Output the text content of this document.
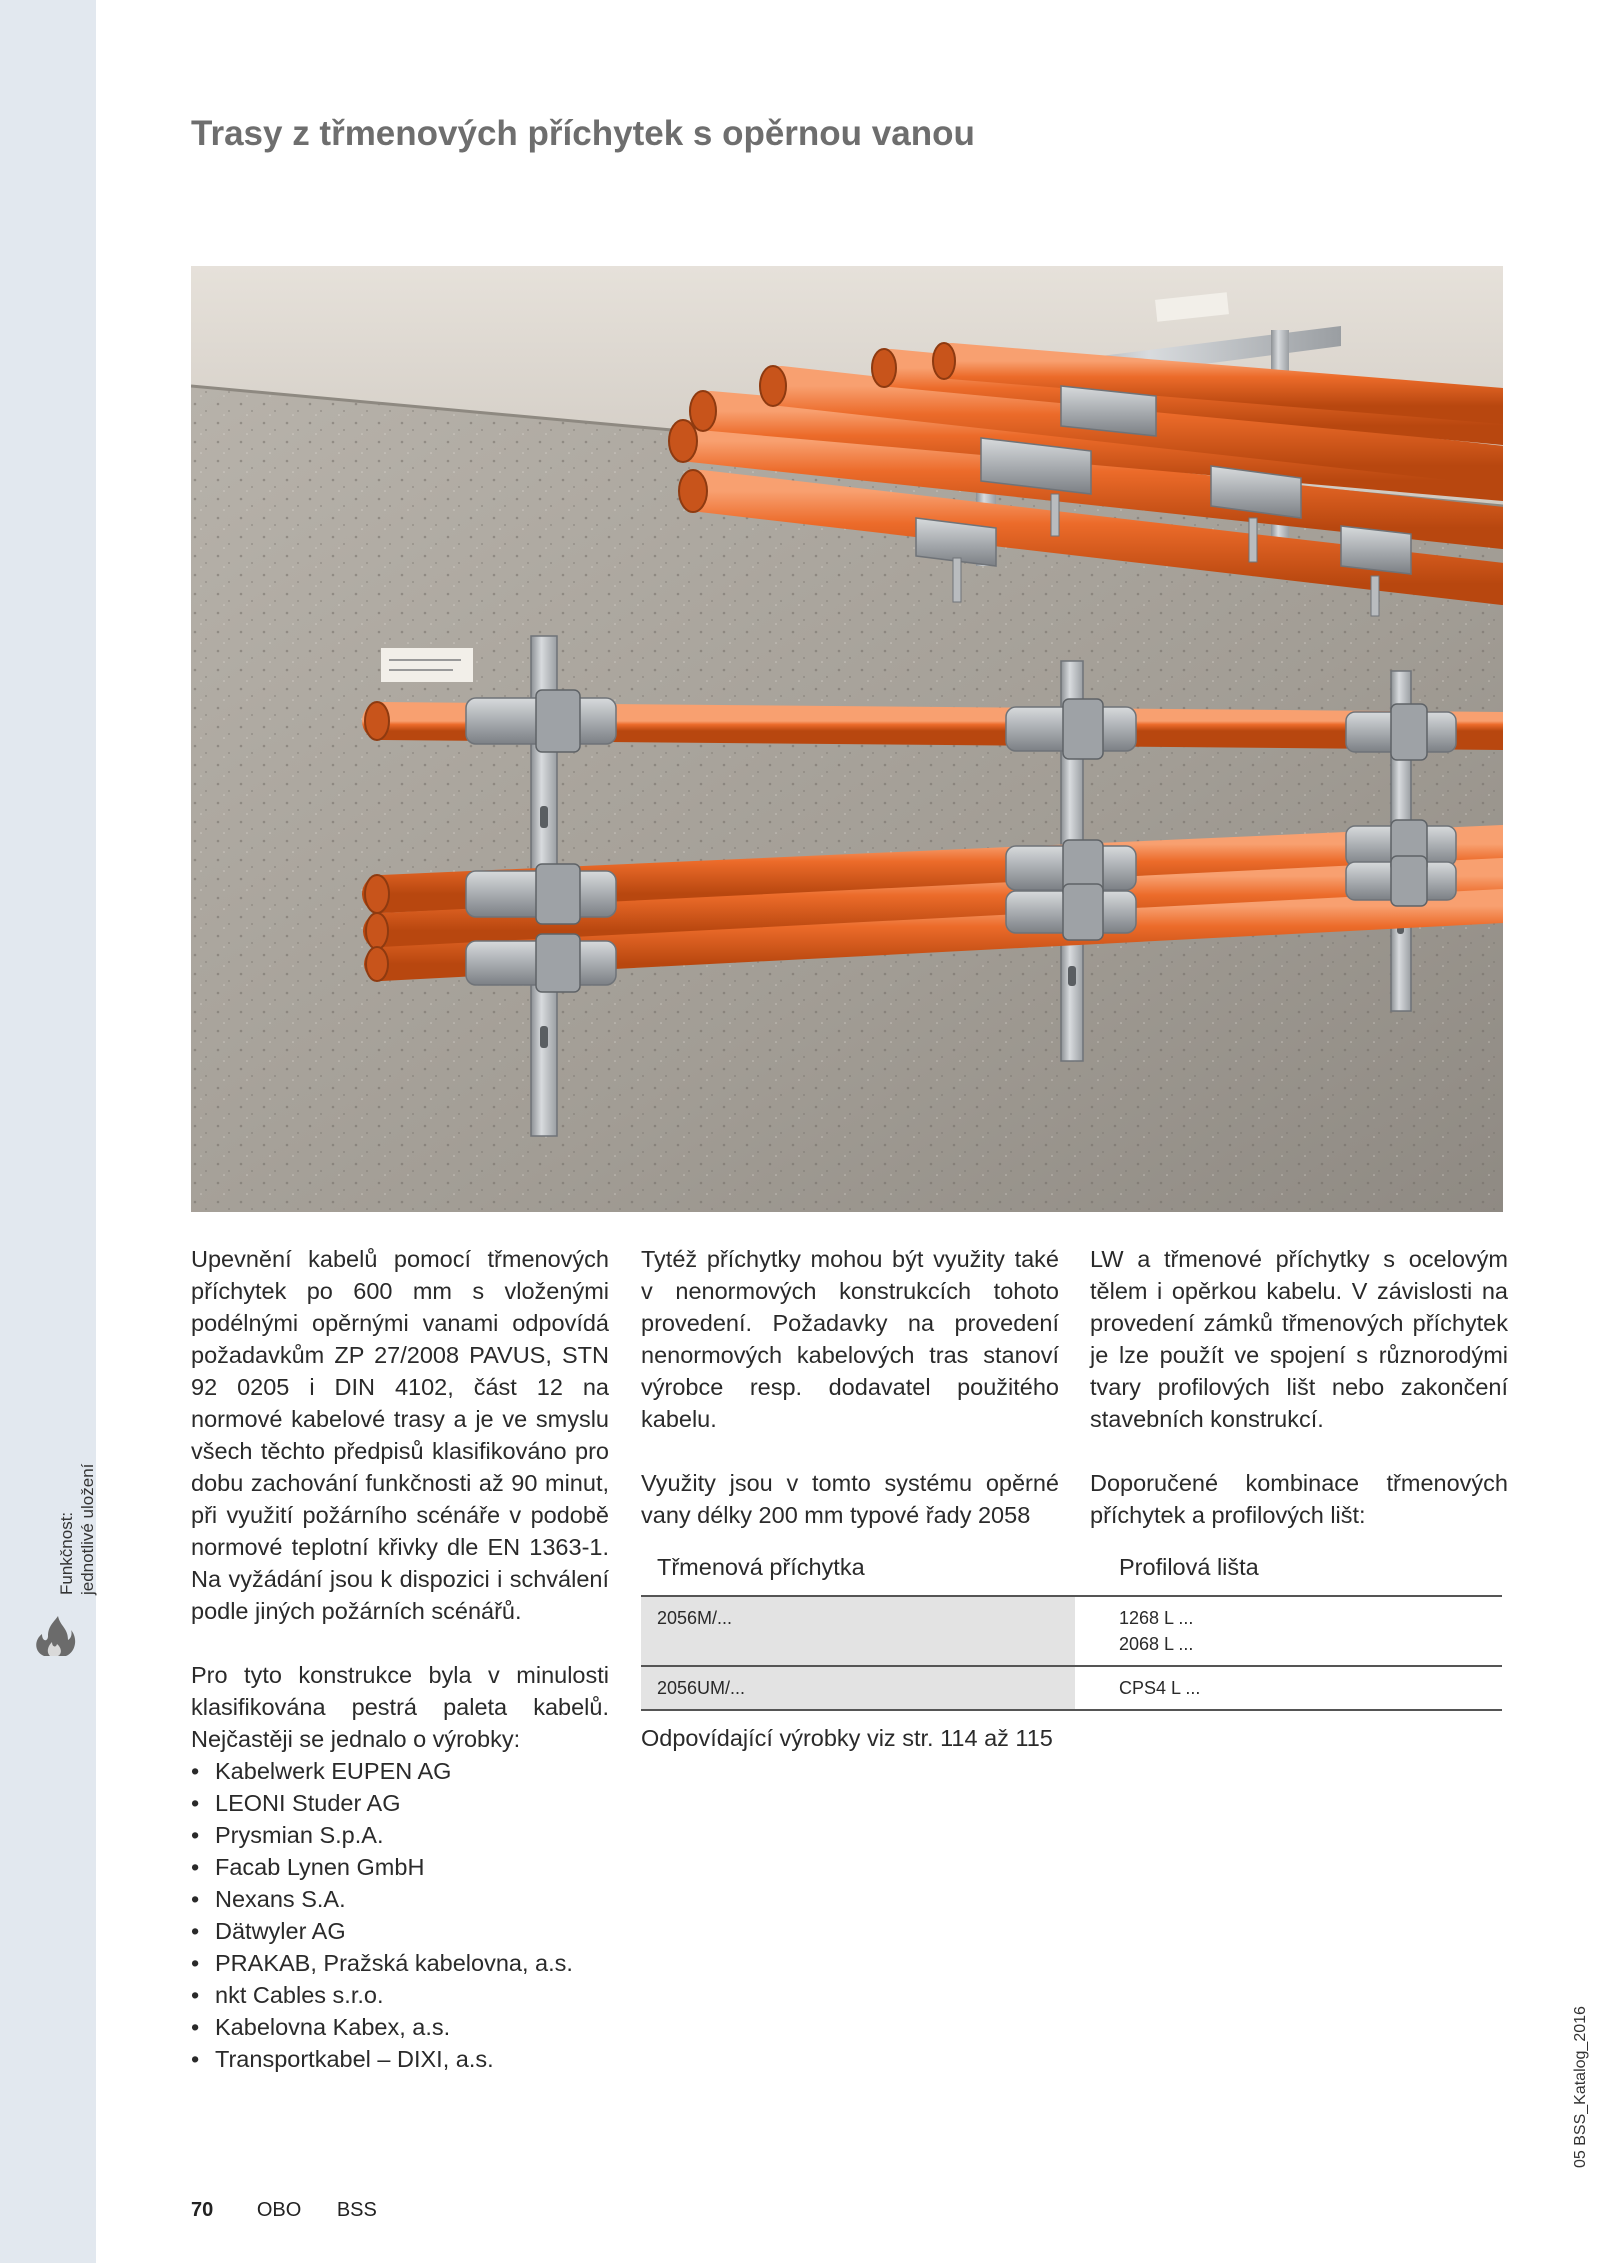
Funkčnost: jednotlivé uložení
Trasy z třmenových příchytek s opěrnou vanou

Upevnění kabelů pomocí třmenových příchytek po 600 mm s vloženými podélnými opěrnými vanami odpovídá požadavkům ZP 27/2008 PAVUS, STN 92 0205 i DIN 4102, část 12 na normové kabelové trasy a je ve smyslu všech těchto předpisů klasifikováno pro dobu zachování funkčnosti až 90 minut, při využití požárního scénáře v podobě normové teplotní křivky dle EN 1363-1. Na vyžádání jsou k dispozici i schválení podle jiných požárních scénářů.

Pro tyto konstrukce byla v minulosti klasifikována pestrá paleta kabelů. Nejčastěji se jednalo o výrobky:

• Kabelwerk EUPEN AG
• LEONI Studer AG
• Prysmian S.p.A.
• Facab Lynen GmbH
• Nexans S.A.
• Dätwyler AG
• PRAKAB, Pražská kabelovna, a.s.
• nkt Cables s.r.o.
• Kabelovna Kabex, a.s.
• Transportkabel – DIXI, a.s.

Tytéž příchytky mohou být využity také v nenormových konstrukcích tohoto provedení. Požadavky na provedení nenormových kabelových tras stanoví výrobce resp. dodavatel použitého kabelu.

Využity jsou v tomto systému opěrné vany délky 200 mm typové řady 2058

LW a třmenové příchytky s ocelovým tělem i opěrkou kabelu. V závislosti na provedení zámků třmenových příchytek je lze použít ve spojení s různorodými tvary profilových lišt nebo zakončení stavebních konstrukcí.

Doporučené kombinace třmenových příchytek a profilových lišt:

Třmenová příchytka		Profilová lišta
2056M/...		1268 L ...
2068 L ...

2056UM/...		CPS4 L ...

Odpovídající výrobky viz str. 114 až 115

70 OBO BSS
05 BSS_Katalog_2016
